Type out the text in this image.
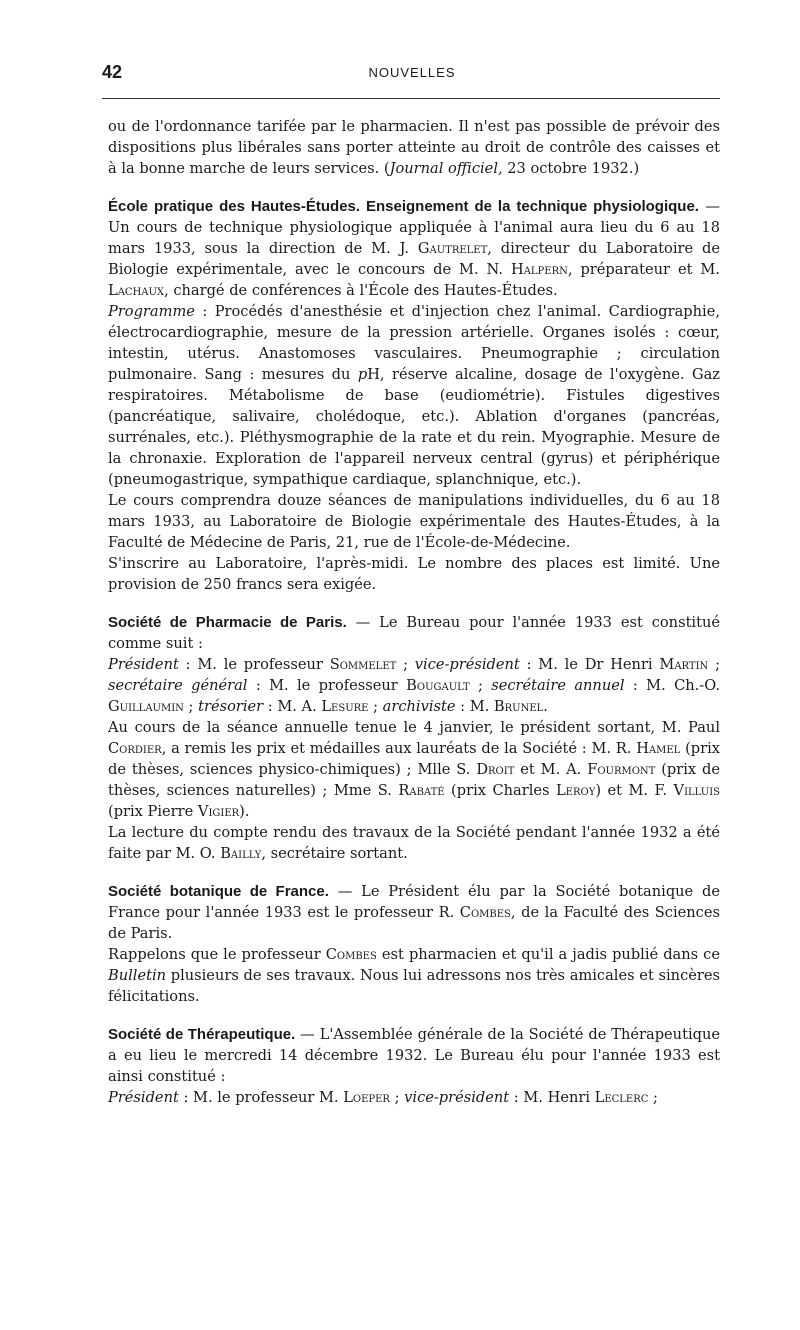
42	NOUVELLES

ou de l'ordonnance tarifée par le pharmacien. Il n'est pas possible de prévoir des dispositions plus libérales sans porter atteinte au droit de contrôle des caisses et à la bonne marche de leurs services. (Journal officiel, 23 octobre 1932.)

École pratique des Hautes-Études. Enseignement de la technique physiologique. — Un cours de technique physiologique appliquée à l'animal aura lieu du 6 au 18 mars 1933, sous la direction de M. J. Gautrelet, directeur du Laboratoire de Biologie expérimentale, avec le concours de M. N. Halpern, préparateur et M. Lachaux, chargé de conférences à l'École des Hautes-Études.

Programme : Procédés d'anesthésie et d'injection chez l'animal. Cardiographie, électrocardiographie, mesure de la pression artérielle. Organes isolés : cœur, intestin, utérus. Anastomoses vasculaires. Pneumographie ; circulation pulmonaire. Sang : mesures du pH, réserve alcaline, dosage de l'oxygène. Gaz respiratoires. Métabolisme de base (eudiométrie). Fistules digestives (pancréatique, salivaire, cholédoque, etc.). Ablation d'organes (pancréas, surrénales, etc.). Pléthysmographie de la rate et du rein. Myographie. Mesure de la chronaxie. Exploration de l'appareil nerveux central (gyrus) et périphérique (pneumogastrique, sympathique cardiaque, splanchnique, etc.).

Le cours comprendra douze séances de manipulations individuelles, du 6 au 18 mars 1933, au Laboratoire de Biologie expérimentale des Hautes-Études, à la Faculté de Médecine de Paris, 21, rue de l'École-de-Médecine.

S'inscrire au Laboratoire, l'après-midi. Le nombre des places est limité. Une provision de 250 francs sera exigée.

Société de Pharmacie de Paris. — Le Bureau pour l'année 1933 est constitué comme suit :

Président : M. le professeur Sommelet ; vice-président : M. le Dr Henri Martin ; secrétaire général : M. le professeur Bougault ; secrétaire annuel : M. Ch.-O. Guillaumin ; trésorier : M. A. Lesure ; archiviste : M. Brunel.

Au cours de la séance annuelle tenue le 4 janvier, le président sortant, M. Paul Cordier, a remis les prix et médailles aux lauréats de la Société : M. R. Hamel (prix de thèses, sciences physico-chimiques) ; Mlle S. Droit et M. A. Fourmont (prix de thèses, sciences naturelles) ; Mme S. Rabaté (prix Charles Leroy) et M. F. Villuis (prix Pierre Vigier).

La lecture du compte rendu des travaux de la Société pendant l'année 1932 a été faite par M. O. Bailly, secrétaire sortant.

Société botanique de France. — Le Président élu par la Société botanique de France pour l'année 1933 est le professeur R. Combes, de la Faculté des Sciences de Paris.

Rappelons que le professeur Combes est pharmacien et qu'il a jadis publié dans ce Bulletin plusieurs de ses travaux. Nous lui adressons nos très amicales et sincères félicitations.

Société de Thérapeutique. — L'Assemblée générale de la Société de Thérapeutique a eu lieu le mercredi 14 décembre 1932. Le Bureau élu pour l'année 1933 est ainsi constitué :

Président : M. le professeur M. Loeper ; vice-président : M. Henri Leclerc ;
